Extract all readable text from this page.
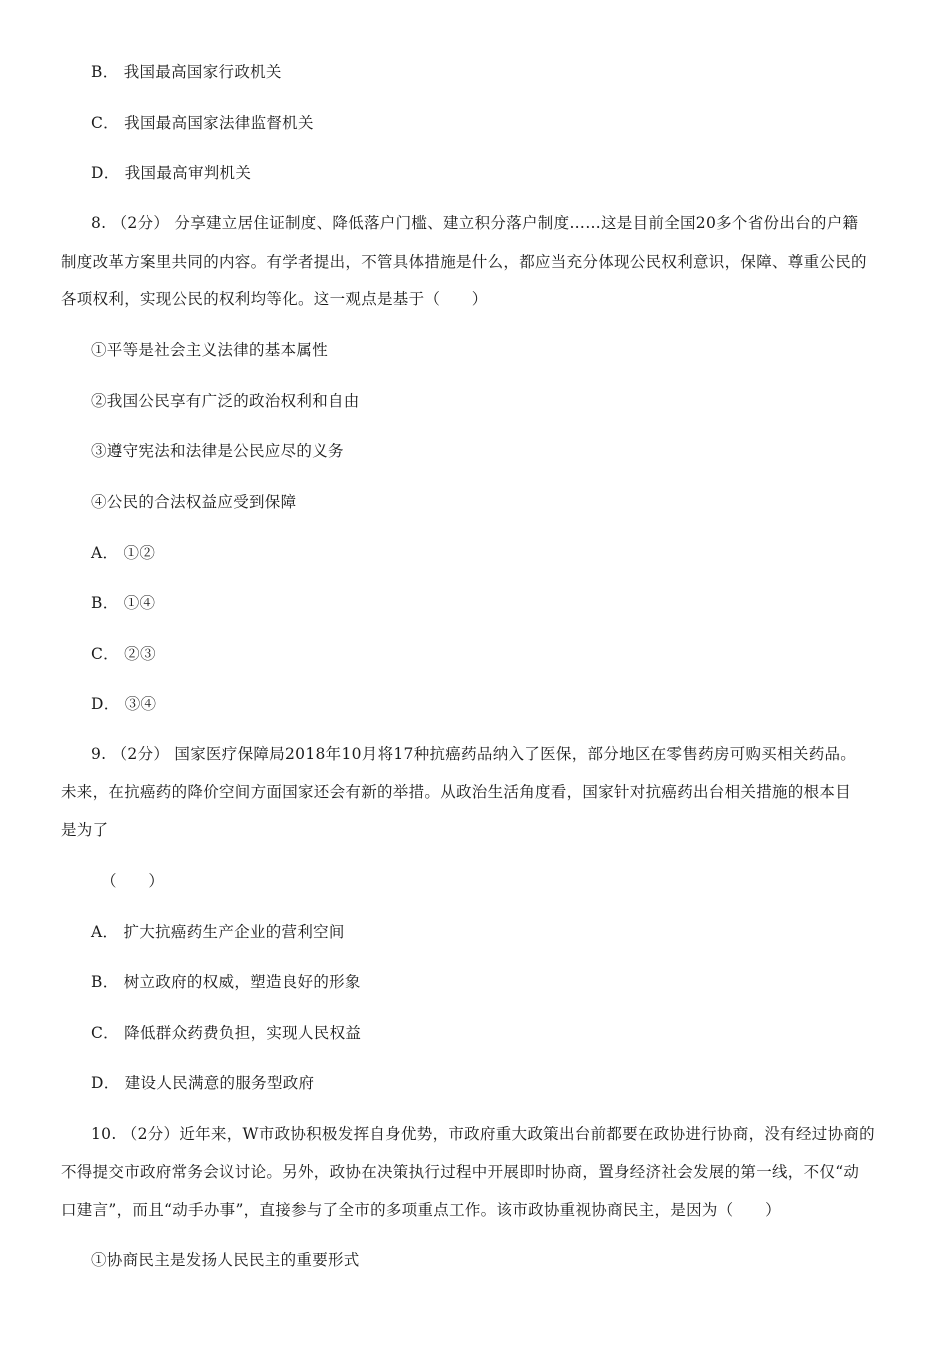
B． 我国最高国家行政机关
C． 我国最高国家法律监督机关
D． 我国最高审判机关
8. （2分） 分享建立居住证制度、降低落户门槛、建立积分落户制度……这是目前全国20多个省份出台的户籍
制度改革方案里共同的内容。有学者提出，不管具体措施是什么，都应当充分体现公民权利意识，保障、尊重公民的
各项权利，实现公民的权利均等化。这一观点是基于（　　）
①平等是社会主义法律的基本属性
②我国公民享有广泛的政治权利和自由
③遵守宪法和法律是公民应尽的义务
④公民的合法权益应受到保障
A． ①②
B． ①④
C． ②③
D． ③④
9. （2分） 国家医疗保障局2018年10月将17种抗癌药品纳入了医保，部分地区在零售药房可购买相关药品。
未来，在抗癌药的降价空间方面国家还会有新的举措。从政治生活角度看，国家针对抗癌药出台相关措施的根本目
是为了
（　　）
A． 扩大抗癌药生产企业的营利空间
B． 树立政府的权威，塑造良好的形象
C． 降低群众药费负担，实现人民权益
D． 建设人民满意的服务型政府
10. （2分）近年来，W市政协积极发挥自身优势，市政府重大政策出台前都要在政协进行协商，没有经过协商的
不得提交市政府常务会议讨论。另外，政协在决策执行过程中开展即时协商，置身经济社会发展的第一线，不仅“动
口建言”，而且“动手办事”，直接参与了全市的多项重点工作。该市政协重视协商民主，是因为（　　）
①协商民主是发扬人民民主的重要形式
